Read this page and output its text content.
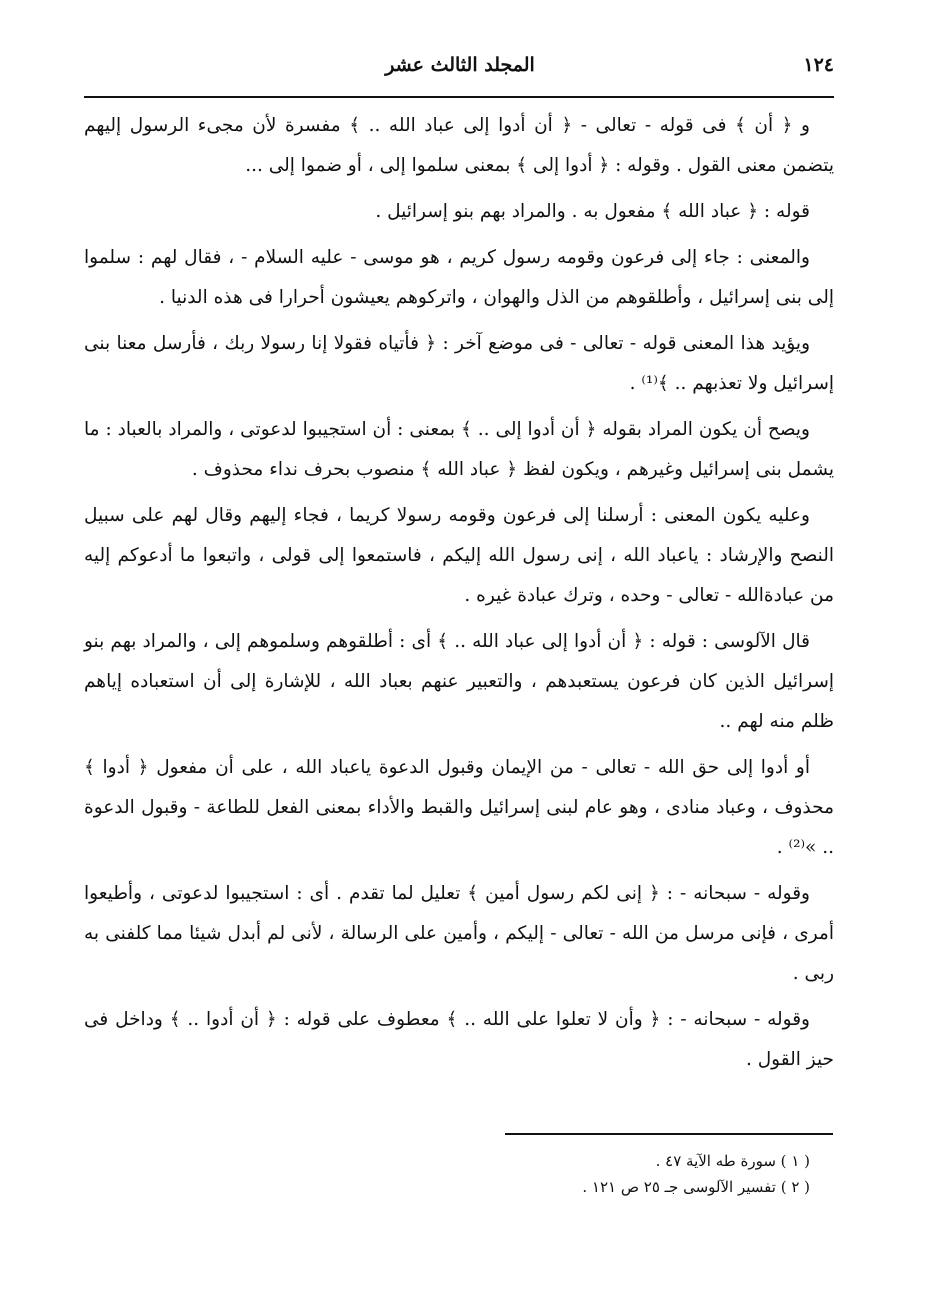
المجلد الثالث عشر	١٢٤

و ﴿ أن ﴾ فى قوله - تعالى - ﴿ أن أدوا إلى عباد الله .. ﴾ مفسرة لأن مجىء الرسول إليهم يتضمن معنى القول . وقوله : ﴿ أدوا إلى ﴾ بمعنى سلموا إلى ، أو ضموا إلى ...

قوله : ﴿ عباد الله ﴾ مفعول به . والمراد بهم بنو إسرائيل .

والمعنى : جاء إلى فرعون وقومه رسول كريم ، هو موسى - عليه السلام - ، فقال لهم : سلموا إلى بنى إسرائيل ، وأطلقوهم من الذل والهوان ، واتركوهم يعيشون أحرارا فى هذه الدنيا .

ويؤيد هذا المعنى قوله - تعالى - فى موضع آخر : ﴿ فأتياه فقولا إنا رسولا ربك ، فأرسل معنا بنى إسرائيل ولا تعذبهم .. ﴾⁽¹⁾ .

ويصح أن يكون المراد بقوله ﴿ أن أدوا إلى .. ﴾ بمعنى : أن استجيبوا لدعوتى ، والمراد بالعباد : ما يشمل بنى إسرائيل وغيرهم ، ويكون لفظ ﴿ عباد الله ﴾ منصوب بحرف نداء محذوف .

وعليه يكون المعنى : أرسلنا إلى فرعون وقومه رسولا كريما ، فجاء إليهم وقال لهم على سبيل النصح والإرشاد : ياعباد الله ، إنى رسول الله إليكم ، فاستمعوا إلى قولى ، واتبعوا ما أدعوكم إليه من عبادةالله - تعالى - وحده ، وترك عبادة غيره .

قال الآلوسى : قوله : ﴿ أن أدوا إلى عباد الله .. ﴾ أى : أطلقوهم وسلموهم إلى ، والمراد بهم بنو إسرائيل الذين كان فرعون يستعبدهم ، والتعبير عنهم بعباد الله ، للإشارة إلى أن استعباده إياهم ظلم منه لهم ..

أو أدوا إلى حق الله - تعالى - من الإيمان وقبول الدعوة ياعباد الله ، على أن مفعول ﴿ أدوا ﴾ محذوف ، وعباد منادى ، وهو عام لبنى إسرائيل والقبط والأداء بمعنى الفعل للطاعة - وقبول الدعوة .. »⁽²⁾ .

وقوله - سبحانه - : ﴿ إنى لكم رسول أمين ﴾ تعليل لما تقدم . أى : استجيبوا لدعوتى ، وأطيعوا أمرى ، فإنى مرسل من الله - تعالى - إليكم ، وأمين على الرسالة ، لأنى لم أبدل شيئا مما كلفنى به ربى .

وقوله - سبحانه - : ﴿ وأن لا تعلوا على الله .. ﴾ معطوف على قوله : ﴿ أن أدوا .. ﴾ وداخل فى حيز القول .

( ١ ) سورة طه الآية ٤٧ .

( ٢ ) تفسير الآلوسى جـ ٢٥ ص ١٢١ .
